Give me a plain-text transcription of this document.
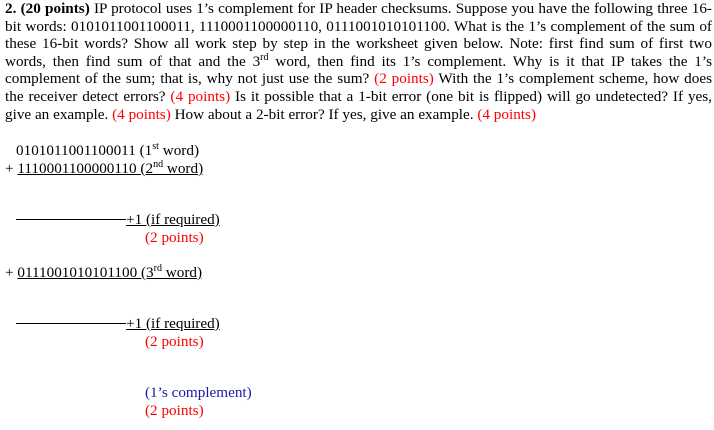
2. (20 points) IP protocol uses 1’s complement for IP header checksums. Suppose you have the following three 16-bit words: 0101011001100011, 1110001100000110, 0111001010101100. What is the 1’s complement of the sum of these 16-bit words? Show all work step by step in the worksheet given below. Note: first find sum of first two words, then find sum of that and the 3rd word, then find its 1’s complement. Why is it that IP takes the 1’s complement of the sum; that is, why not just use the sum? (2 points) With the 1’s complement scheme, how does the receiver detect errors? (4 points) Is it possible that a 1-bit error (one bit is flipped) will go undetected? If yes, give an example. (4 points) How about a 2-bit error? If yes, give an example. (4 points)
0101011001100011 (1st word)
+ 1110001100000110 (2nd word)
+1 (if required)
(2 points)
+ 0111001010101100 (3rd word)
+1 (if required)
(2 points)
(1’s complement)
(2 points)
